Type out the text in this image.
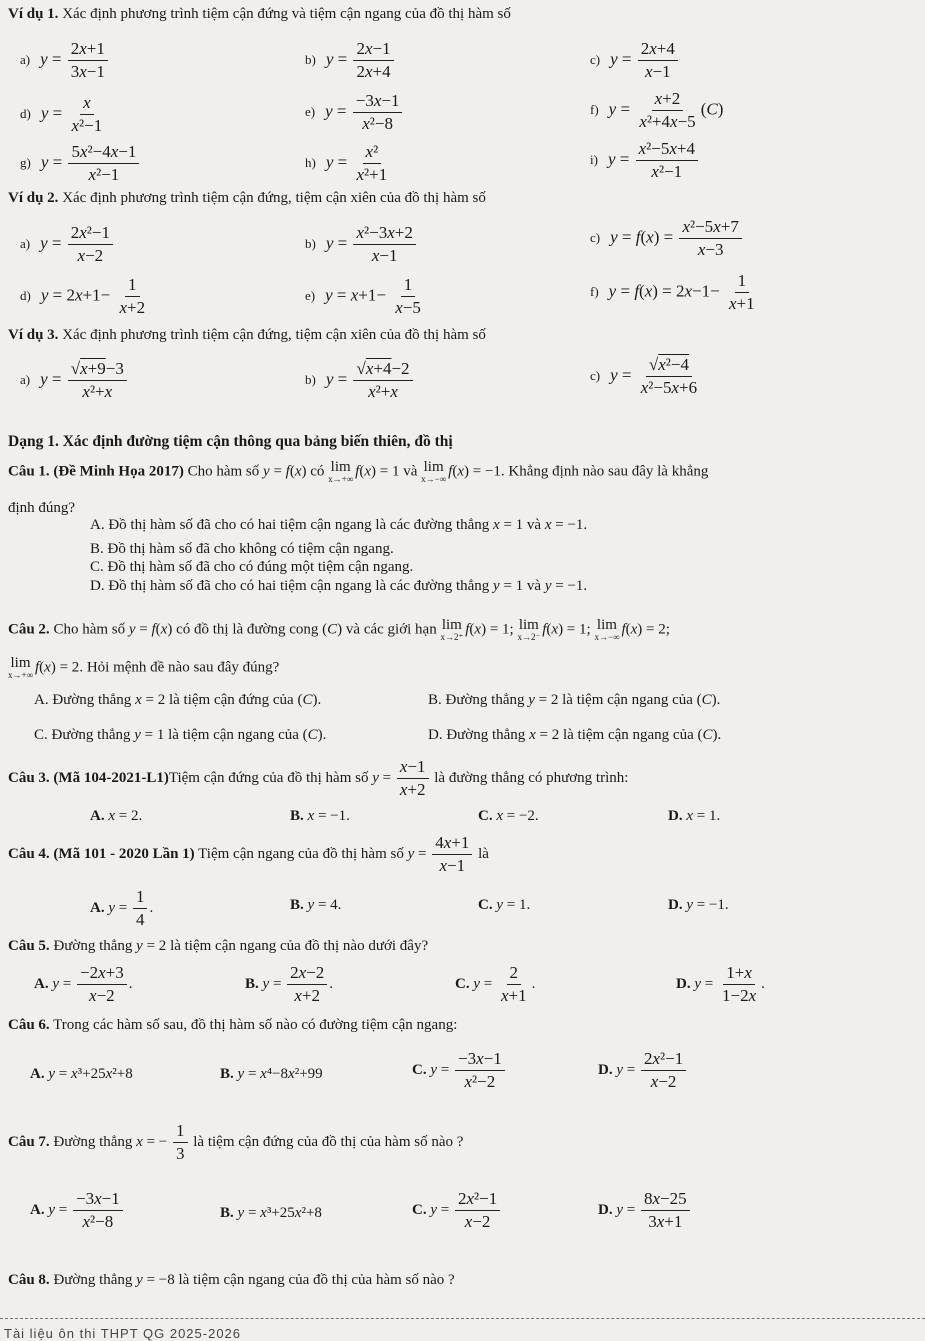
Ví dụ 1. Xác định phương trình tiệm cận đứng và tiệm cận ngang của đồ thị hàm số
a) $y = \frac{2x+1}{3x-1}$	b) $y = \frac{2x-1}{2x+4}$	c) $y = \frac{2x+4}{x-1}$
d) $y = \frac{x}{\text{x²−1}}$	e) $y = \frac{-3x-1}{\text{x²−8}}$	f) $y = \frac{x+2}{\text{x²+4x−5}} (C)$
g) $y = \frac{\text{5x²−4x−1}}{\text{x²−1}}$	h) $y = \frac{\text{x²}}{\text{x²+1}}$	i) $y = \frac{\text{x²−5x+4}}{\text{x²−1}}$
Ví dụ 2. Xác định phương trình tiệm cận đứng, tiệm cận xiên của đồ thị hàm số
a) $y = \frac{\text{2x²−1}}{x-2}$	b) $y = \frac{\text{x²−3x+2}}{x-1}$	c) $y = f(x) = \frac{\text{x²−5x+7}}{x-3}$
d) $y = 2x+1- \frac{1}{x+2}$	e) $y = x+1- \frac{1}{x-5}$	f) $y = f(x) = 2x-1- \frac{1}{x+1}$
Ví dụ 3. Xác định phương trình tiệm cận đứng, tiệm cận xiên của đồ thị hàm số
a) $y = \frac{√x+9-3}{\text{x²+x}}$	b) $y = \frac{√x+4-2}{\text{x²+x}}$	c) $y = \frac{\text{√x²−4}}{\text{x²−5x+6}}$
Dạng 1. Xác định đường tiệm cận thông qua bảng biến thiên, đồ thị
Câu 1. (Đề Minh Họa 2017) Cho hàm số y = f(x) có lim
x→+∞ f(x) = 1 và lim
x→−∞ f(x) = −1. Khẳng định nào sau đây là khẳng
định đúng?
A. Đồ thị hàm số đã cho có hai tiệm cận ngang là các đường thẳng x = 1 và x = −1.
B. Đồ thị hàm số đã cho không có tiệm cận ngang.
C. Đồ thị hàm số đã cho có đúng một tiệm cận ngang.
D. Đồ thị hàm số đã cho có hai tiệm cận ngang là các đường thẳng y = 1 và y = −1.
Câu 2. Cho hàm số y = f(x) có đồ thị là đường cong (C) và các giới hạn lim
x→2⁺ f(x) = 1; lim
x→2⁻ f(x) = 1; lim
x→−∞ f(x) = 2;
lim
x→+∞ f(x) = 2. Hỏi mệnh đề nào sau đây đúng?
A. Đường thẳng x = 2 là tiệm cận đứng của (C).	B. Đường thẳng y = 2 là tiệm cận ngang của (C).
C. Đường thẳng y = 1 là tiệm cận ngang của (C).	D. Đường thẳng x = 2 là tiệm cận ngang của (C).
Câu 3. (Mã 104-2021-L1)Tiệm cận đứng của đồ thị hàm số $y = \frac{x-1}{x+2}$ là đường thẳng có phương trình:
A. x = 2.	B. x = −1.	C. x = −2.	D. x = 1.
Câu 4. (Mã 101 - 2020 Lần 1) Tiệm cận ngang của đồ thị hàm số $y = \frac{4x+1}{x-1}$ là
A. $y = \frac{1}{4}$ .	B. y = 4.	C. y = 1.	D. y = −1.
Câu 5. Đường thẳng y = 2 là tiệm cận ngang của đồ thị nào dưới đây?
A. $y = \frac{-2x+3}{x-2}$ .	B. $y = \frac{2x-2}{x+2}$ .	C. $y = \frac{2}{x+1}$ .	D. $y = \frac{1+x}{1-2x}$ .
Câu 6. Trong các hàm số sau, đồ thị hàm số nào có đường tiệm cận ngang:
A. y = x³+25x²+8	B. y = x⁴−8x²+99	C. $y = \frac{-3x-1}{\text{x²−2}}$	D. $y = \frac{\text{2x²−1}}{x-2}$
Câu 7. Đường thẳng x = − $\frac{1}{3}$ là tiệm cận đứng của đồ thị của hàm số nào ?
A. $y = \frac{-3x-1}{\text{x²−8}}$	B. y = x³+25x²+8	C. $y = \frac{\text{2x²−1}}{x-2}$	D. $y = \frac{8x-25}{3x+1}$
Câu 8. Đường thẳng y = −8 là tiệm cận ngang của đồ thị của hàm số nào ?
Tài liệu ôn thi THPT QG 2025-2026
